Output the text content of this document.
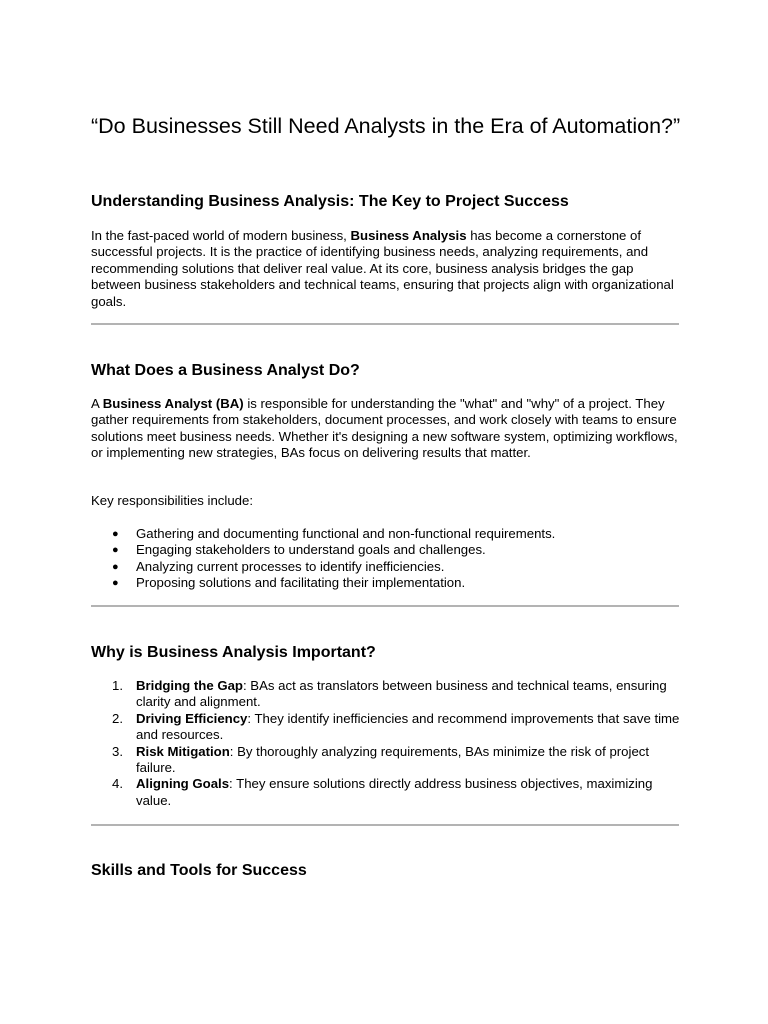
“Do Businesses Still Need Analysts in the Era of Automation?”
Understanding Business Analysis: The Key to Project Success

In the fast-paced world of modern business, Business Analysis has become a cornerstone of successful projects. It is the practice of identifying business needs, analyzing requirements, and recommending solutions that deliver real value. At its core, business analysis bridges the gap between business stakeholders and technical teams, ensuring that projects align with organizational goals.

What Does a Business Analyst Do?

A Business Analyst (BA) is responsible for understanding the "what" and "why" of a project. They gather requirements from stakeholders, document processes, and work closely with teams to ensure solutions meet business needs. Whether it's designing a new software system, optimizing workflows, or implementing new strategies, BAs focus on delivering results that matter.

Key responsibilities include:

● Gathering and documenting functional and non-functional requirements.
● Engaging stakeholders to understand goals and challenges.
● Analyzing current processes to identify inefficiencies.
● Proposing solutions and facilitating their implementation.
Why is Business Analysis Important?
1. Bridging the Gap: BAs act as translators between business and technical teams, ensuring clarity and alignment.
2. Driving Efficiency: They identify inefficiencies and recommend improvements that save time and resources.
3. Risk Mitigation: By thoroughly analyzing requirements, BAs minimize the risk of project failure.
4. Aligning Goals: They ensure solutions directly address business objectives, maximizing value.
Skills and Tools for Success
